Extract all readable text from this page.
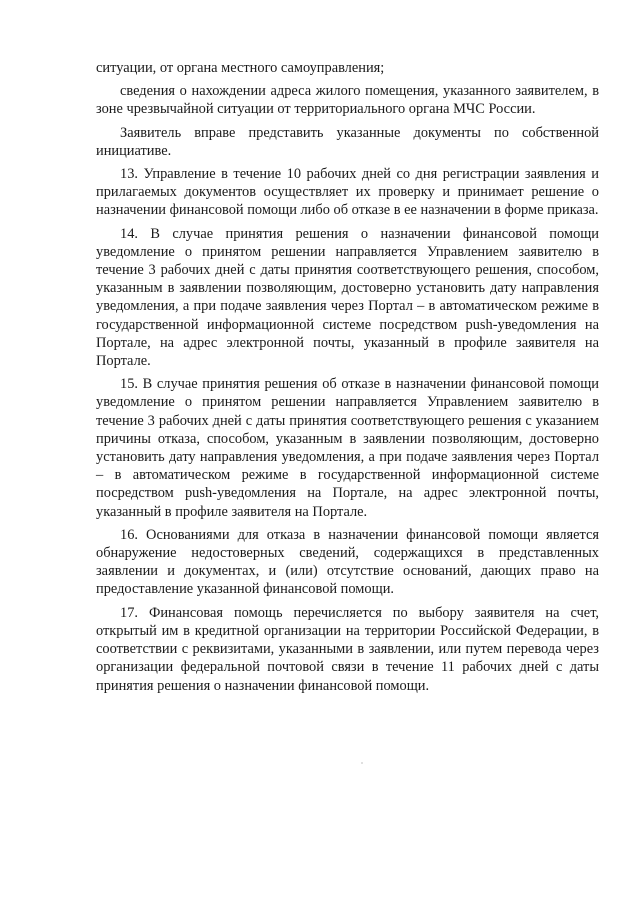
ситуации, от органа местного самоуправления;

сведения о нахождении адреса жилого помещения, указанного заявителем, в зоне чрезвычайной ситуации от территориального органа МЧС России.

Заявитель вправе представить указанные документы по собственной инициативе.

13. Управление в течение 10 рабочих дней со дня регистрации заявления и прилагаемых документов осуществляет их проверку и принимает решение о назначении финансовой помощи либо об отказе в ее назначении в форме приказа.

14. В случае принятия решения о назначении финансовой помощи уведомление о принятом решении направляется Управлением заявителю в течение 3 рабочих дней с даты принятия соответствующего решения, способом, указанным в заявлении позволяющим, достоверно установить дату направления уведомления, а при подаче заявления через Портал – в автоматическом режиме в государственной информационной системе посредством push-уведомления на Портале, на адрес электронной почты, указанный в профиле заявителя на Портале.

15. В случае принятия решения об отказе в назначении финансовой помощи уведомление о принятом решении направляется Управлением заявителю в течение 3 рабочих дней с даты принятия соответствующего решения с указанием причины отказа, способом, указанным в заявлении позволяющим, достоверно установить дату направления уведомления, а при подаче заявления через Портал – в автоматическом режиме в государственной информационной системе посредством push-уведомления на Портале, на адрес электронной почты, указанный в профиле заявителя на Портале.

16. Основаниями для отказа в назначении финансовой помощи является обнаружение недостоверных сведений, содержащихся в представленных заявлении и документах, и (или) отсутствие оснований, дающих право на предоставление указанной финансовой помощи.

17. Финансовая помощь перечисляется по выбору заявителя на счет, открытый им в кредитной организации на территории Российской Федерации, в соответствии с реквизитами, указанными в заявлении, или путем перевода через организации федеральной почтовой связи в течение 11 рабочих дней с даты принятия решения о назначении финансовой помощи.
